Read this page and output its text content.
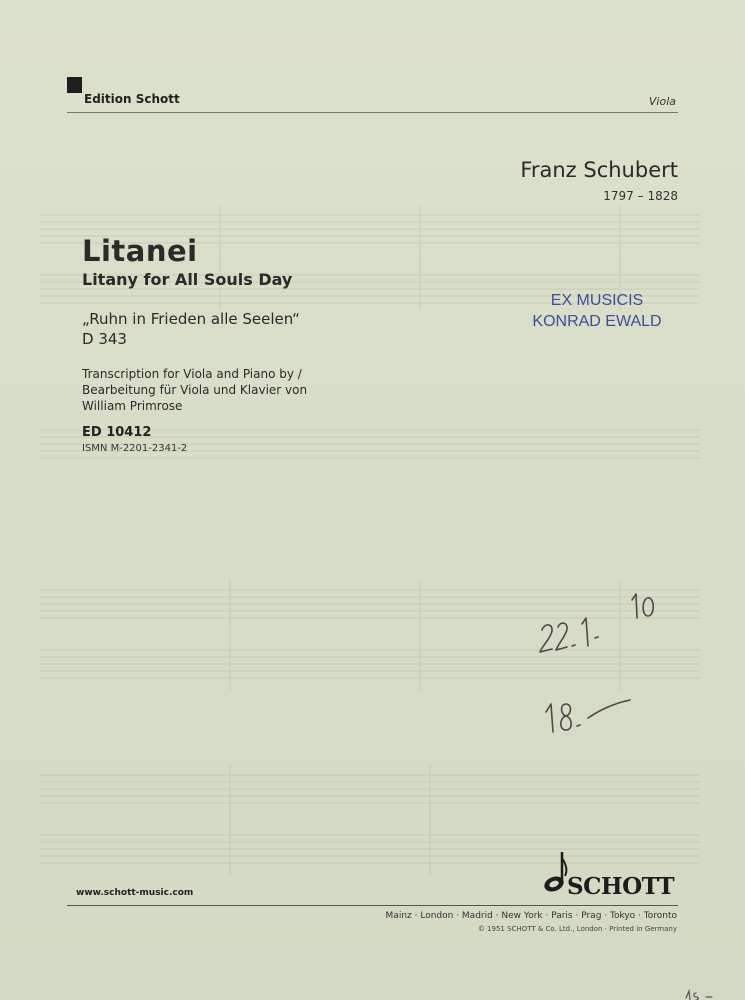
Edition Schott	Viola
Franz Schubert
1797 – 1828
Litanei
Litany for All Souls Day
„Ruhn in Frieden alle Seelen“
D 343
Transcription for Viola and Piano by /
Bearbeitung für Viola und Klavier von
William Primrose
ED 10412
ISMN M-2201-2341-2
EX MUSICIS
KONRAD EWALD
www.schott-music.com	SCHOTT
Mainz · London · Madrid · New York · Paris · Prag · Tokyo · Toronto
© 1951 SCHOTT & Co. Ltd., London · Printed in Germany
